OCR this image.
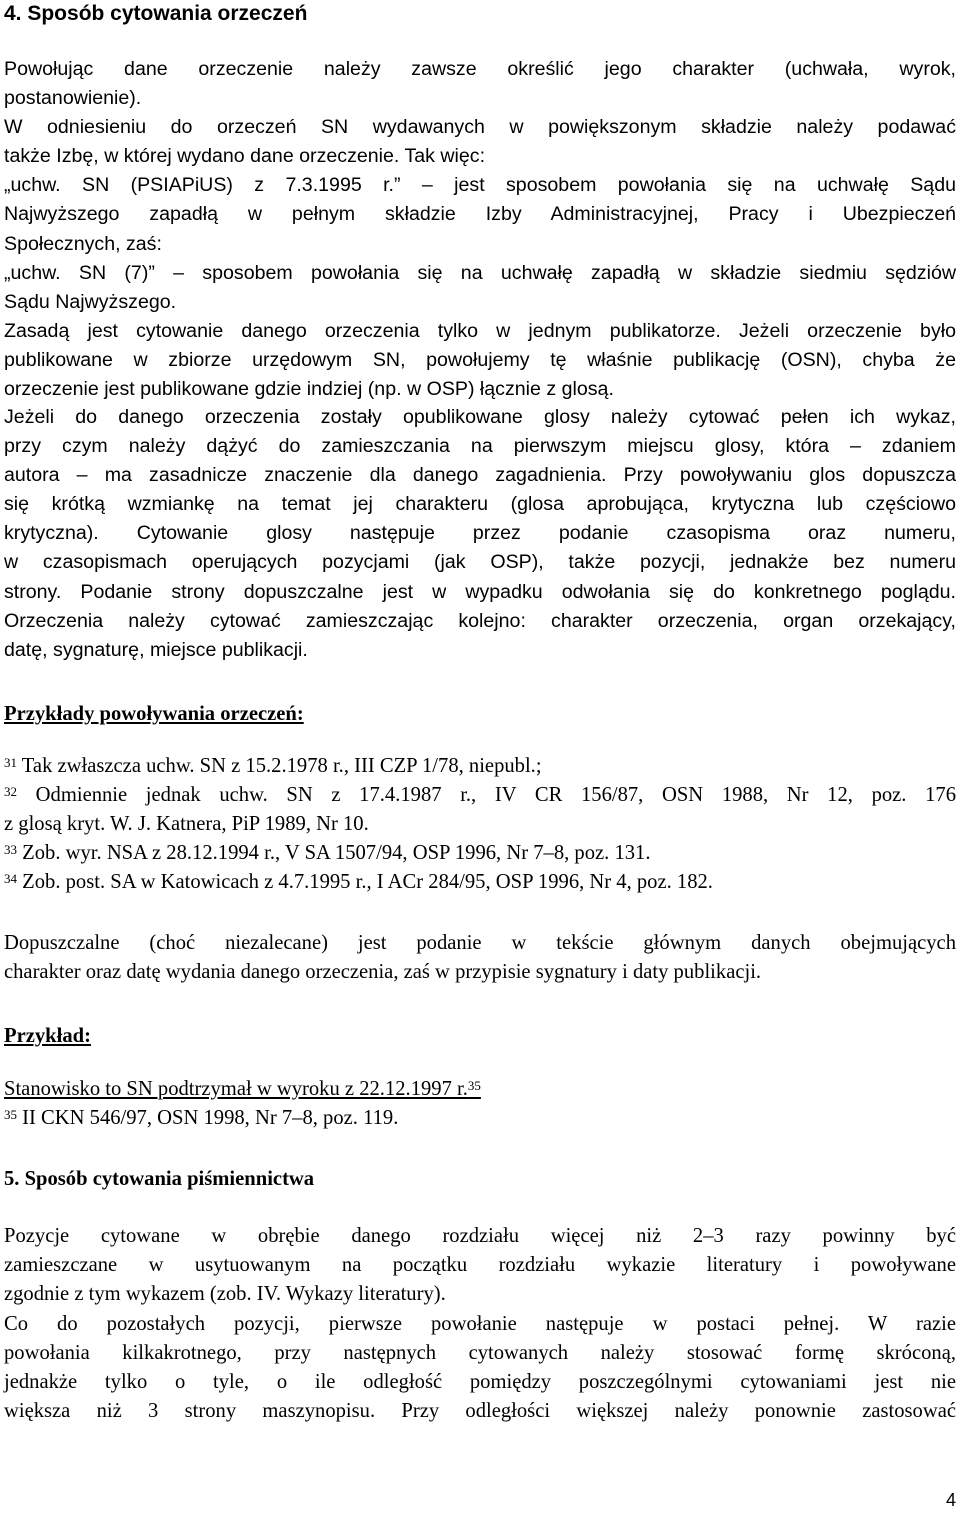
4. Sposób cytowania orzeczeń
Powołując dane orzeczenie należy zawsze określić jego charakter (uchwała, wyrok,
postanowienie).
W odniesieniu do orzeczeń SN wydawanych w powiększonym składzie należy podawać
także Izbę, w której wydano dane orzeczenie. Tak więc:
„uchw. SN (PSIAPiUS) z 7.3.1995 r.” – jest sposobem powołania się na uchwałę Sądu
Najwyższego zapadłą w pełnym składzie Izby Administracyjnej, Pracy i Ubezpieczeń
Społecznych, zaś:
„uchw. SN (7)” – sposobem powołania się na uchwałę zapadłą w składzie siedmiu sędziów
Sądu Najwyższego.
Zasadą jest cytowanie danego orzeczenia tylko w jednym publikatorze. Jeżeli orzeczenie było
publikowane w zbiorze urzędowym SN, powołujemy tę właśnie publikację (OSN), chyba że
orzeczenie jest publikowane gdzie indziej (np. w OSP) łącznie z glosą.
Jeżeli do danego orzeczenia zostały opublikowane glosy należy cytować pełen ich wykaz,
przy czym należy dążyć do zamieszczania na pierwszym miejscu glosy, która – zdaniem
autora – ma zasadnicze znaczenie dla danego zagadnienia. Przy powoływaniu glos dopuszcza
się krótką wzmiankę na temat jej charakteru (glosa aprobująca, krytyczna lub częściowo
krytyczna). Cytowanie glosy następuje przez podanie czasopisma oraz numeru,
w czasopismach operujących pozycjami (jak OSP), także pozycji, jednakże bez numeru
strony. Podanie strony dopuszczalne jest w wypadku odwołania się do konkretnego poglądu.
Orzeczenia należy cytować zamieszczając kolejno: charakter orzeczenia, organ orzekający,
datę, sygnaturę, miejsce publikacji.
Przykłady powoływania orzeczeń:
$^{31}$ Tak zwłaszcza uchw. SN z 15.2.1978 r., III CZP 1/78, niepubl.;
$^{32}$ Odmiennie jednak uchw. SN z 17.4.1987 r., IV CR 156/87, OSN 1988, Nr 12, poz. 176
z glosą kryt. W. J. Katnera, PiP 1989, Nr 10.
$^{33}$ Zob. wyr. NSA z 28.12.1994 r., V SA 1507/94, OSP 1996, Nr 7–8, poz. 131.
$^{34}$ Zob. post. SA w Katowicach z 4.7.1995 r., I ACr 284/95, OSP 1996, Nr 4, poz. 182.
Dopuszczalne (choć niezalecane) jest podanie w tekście głównym danych obejmujących
charakter oraz datę wydania danego orzeczenia, zaś w przypisie sygnatury i daty publikacji.
Przykład:
Stanowisko to SN podtrzymał w wyroku z 22.12.1997 r.$^{35}$
$^{35}$ II CKN 546/97, OSN 1998, Nr 7–8, poz. 119.
5. Sposób cytowania piśmiennictwa
Pozycje cytowane w obrębie danego rozdziału więcej niż 2–3 razy powinny być
zamieszczane w usytuowanym na początku rozdziału wykazie literatury i powoływane
zgodnie z tym wykazem (zob. IV. Wykazy literatury).
Co do pozostałych pozycji, pierwsze powołanie następuje w postaci pełnej. W razie
powołania kilkakrotnego, przy następnych cytowanych należy stosować formę skróconą,
jednakże tylko o tyle, o ile odległość pomiędzy poszczególnymi cytowaniami jest nie
większa niż 3 strony maszynopisu. Przy odległości większej należy ponownie zastosować
4
